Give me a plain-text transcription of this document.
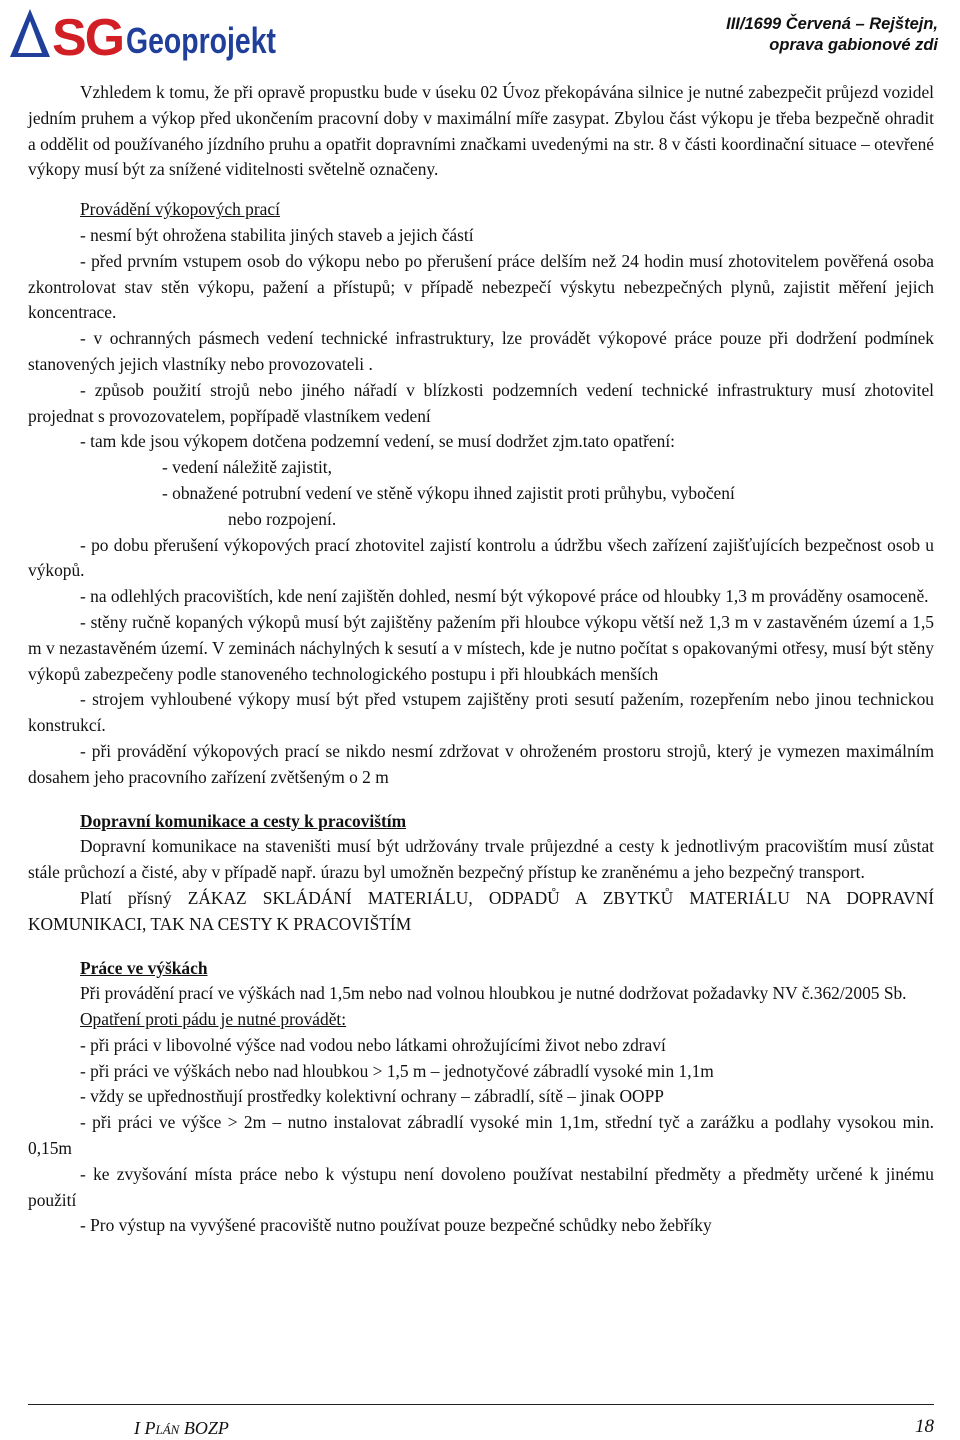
SG Geoprojekt	III/1699 Červená – Rejštejn,
oprava gabionové zdi

Vzhledem k tomu, že při opravě propustku bude v úseku 02 Úvoz překopávána silnice je nutné zabezpečit průjezd vozidel jedním pruhem a výkop před ukončením pracovní doby v maximální míře zasypat. Zbylou část výkopu je třeba bezpečně ohradit a oddělit od používaného jízdního pruhu a opatřit dopravními značkami uvedenými na str. 8 v části koordinační situace – otevřené výkopy musí být za snížené viditelnosti světelně označeny.

Provádění výkopových prací

- nesmí být ohrožena stabilita jiných staveb a jejich částí

- před prvním vstupem osob do výkopu nebo po přerušení práce delším než 24 hodin musí zhotovitelem pověřená osoba zkontrolovat stav stěn výkopu, pažení a přístupů; v případě nebezpečí výskytu nebezpečných plynů, zajistit měření jejich koncentrace.

- v ochranných pásmech vedení technické infrastruktury, lze provádět výkopové práce pouze při dodržení podmínek stanovených jejich vlastníky nebo provozovateli .

- způsob použití strojů nebo jiného nářadí v blízkosti podzemních vedení technické infrastruktury musí zhotovitel projednat s provozovatelem, popřípadě vlastníkem vedení

- tam kde jsou výkopem dotčena podzemní vedení, se musí dodržet zjm.tato opatření:

- vedení náležitě zajistit,

- obnažené potrubní vedení ve stěně výkopu ihned zajistit proti průhybu, vybočení

nebo rozpojení.

- po dobu přerušení výkopových prací zhotovitel zajistí kontrolu a údržbu všech zařízení zajišťujících bezpečnost osob u výkopů.

- na odlehlých pracovištích, kde není zajištěn dohled, nesmí být výkopové práce od hloubky 1,3 m prováděny osamoceně.

- stěny ručně kopaných výkopů musí být zajištěny pažením při hloubce výkopu větší než 1,3 m v zastavěném území a 1,5 m v nezastavěném území. V zeminách náchylných k sesutí a v místech, kde je nutno počítat s opakovanými otřesy, musí být stěny výkopů zabezpečeny podle stanoveného technologického postupu i při hloubkách menších

- strojem vyhloubené výkopy musí být před vstupem zajištěny proti sesutí pažením, rozepřením nebo jinou technickou konstrukcí.

- při provádění výkopových prací se nikdo nesmí zdržovat v ohroženém prostoru strojů, který je vymezen maximálním dosahem jeho pracovního zařízení zvětšeným o 2 m

Dopravní komunikace a cesty k pracovištím

Dopravní komunikace na staveništi musí být udržovány trvale průjezdné a cesty k jednotlivým pracovištím musí zůstat stále průchozí a čisté, aby v případě např. úrazu byl umožněn bezpečný přístup ke zraněnému a jeho bezpečný transport.

Platí přísný ZÁKAZ SKLÁDÁNÍ MATERIÁLU, ODPADŮ A ZBYTKŮ MATERIÁLU NA DOPRAVNÍ KOMUNIKACI, TAK NA CESTY K PRACOVIŠTÍM

Práce ve výškách

Při provádění prací ve výškách nad 1,5m nebo nad volnou hloubkou je nutné dodržovat požadavky NV č.362/2005 Sb.

Opatření proti pádu je nutné provádět:

- při práci v libovolné výšce nad vodou nebo látkami ohrožujícími život nebo zdraví

- při práci ve výškách nebo nad hloubkou > 1,5 m – jednotyčové zábradlí vysoké min 1,1m

- vždy se upřednostňují prostředky kolektivní ochrany – zábradlí, sítě – jinak OOPP

- při práci ve výšce > 2m – nutno instalovat zábradlí vysoké min 1,1m, střední tyč a zarážku a podlahy vysokou min. 0,15m

- ke zvyšování místa práce nebo k výstupu není dovoleno používat nestabilní předměty a předměty určené k jinému použití

- Pro výstup na vyvýšené pracoviště nutno používat pouze bezpečné schůdky nebo žebříky

I Plán BOZP	18
